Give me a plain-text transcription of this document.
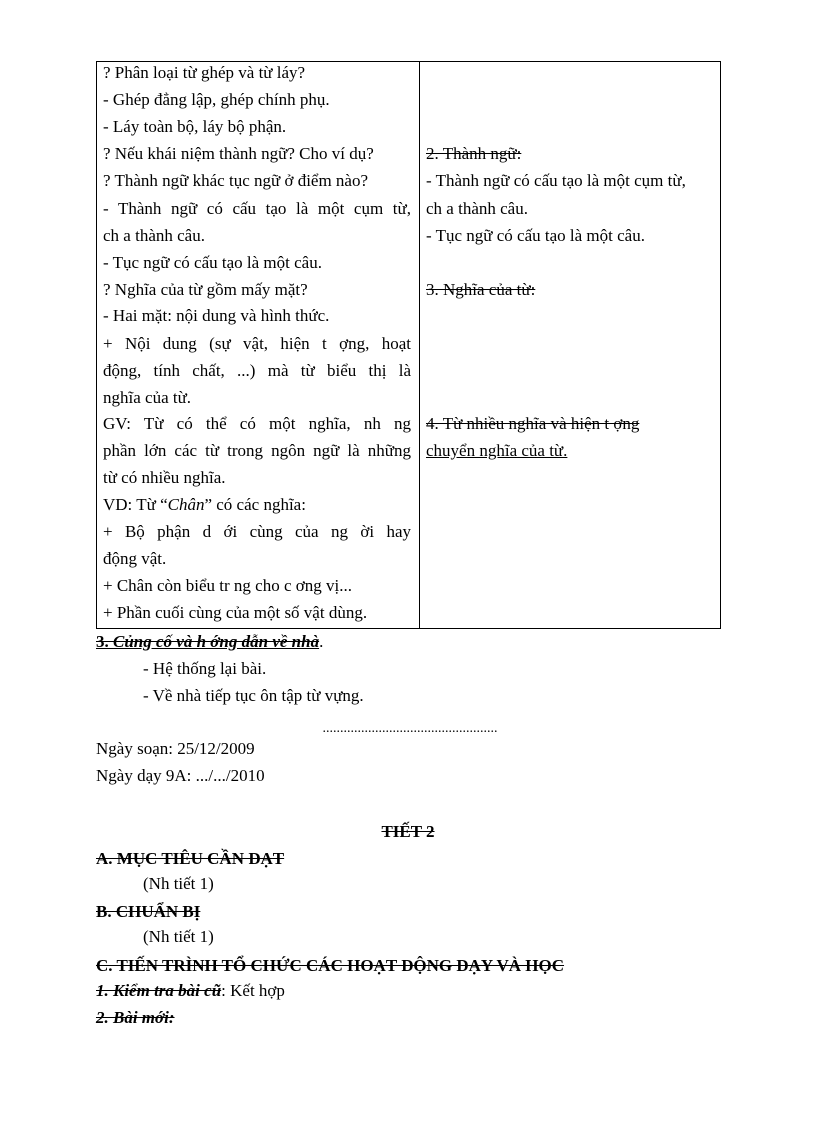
? Phân loại từ ghép và từ láy?
- Ghép đẳng lập, ghép chính phụ.
- Láy toàn bộ, láy bộ phận.
? Nếu khái niệm thành ngữ? Cho ví dụ?
? Thành ngữ khác tục ngữ ở điểm nào?
- Thành ngữ có cấu tạo là một cụm từ,
ch a thành câu.
- Tục ngữ có cấu tạo là một câu.
? Nghĩa của từ gồm mấy mặt?
- Hai mặt: nội dung và hình thức.
+ Nội dung (sự vật, hiện t ợng, hoạt
động, tính chất, ...) mà từ biểu thị là
nghĩa của từ.
GV: Từ có thể có một nghĩa, nh ng
phần lớn các từ trong ngôn ngữ là những
từ có nhiều nghĩa.
VD: Từ “Chân” có các nghĩa:
+ Bộ phận d ới cùng của ng ời hay
động vật.
+ Chân còn biểu tr ng cho c ơng vị...
+ Phần cuối cùng của một số vật dùng.
2. Thành ngữ:
- Thành ngữ có cấu tạo là một cụm từ,
ch a thành câu.
- Tục ngữ có cấu tạo là một câu.
3. Nghĩa của từ:
4. Từ nhiều nghĩa và hiện t ợng
chuyển nghĩa của từ.
3. Củng cố và h ớng dẫn về nhà.
- Hệ thống lại bài.
- Về nhà tiếp tục ôn tập từ vựng.
..................................................
Ngày soạn: 25/12/2009
Ngày dạy 9A: .../.../2010
TIẾT 2
A. MỤC TIÊU CẦN ĐẠT
(Nh tiết 1)
B. CHUẨN BỊ
(Nh tiết 1)
C. TIẾN TRÌNH TỔ CHỨC CÁC HOẠT ĐỘNG DẠY VÀ HỌC
1. Kiểm tra bài cũ: Kết hợp
2. Bài mới:
